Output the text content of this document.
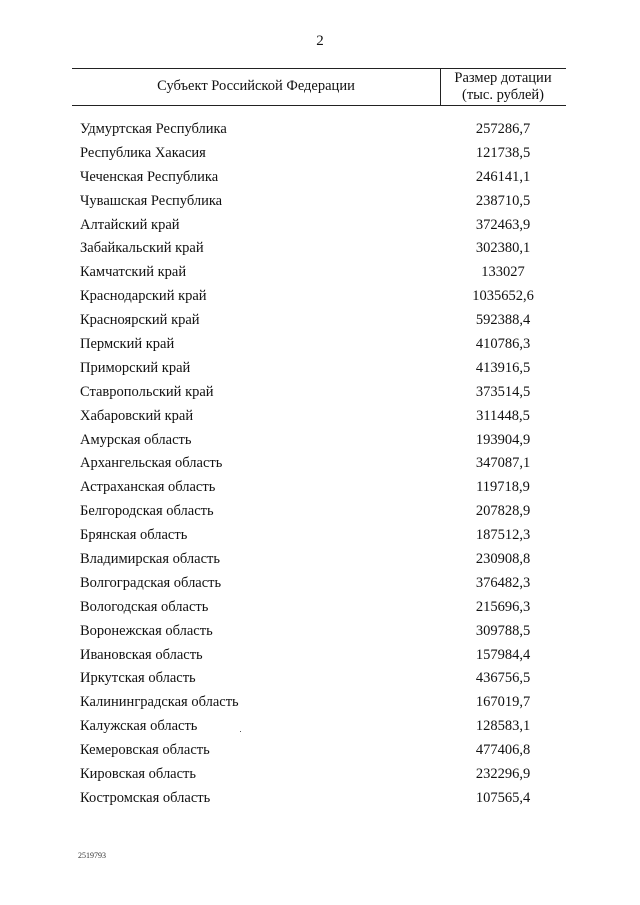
2
Субъект Российской Федерации	Размер дотации
(тыс. рублей)
Удмуртская Республика	257286,7
Республика Хакасия	121738,5
Чеченская Республика	246141,1
Чувашская Республика	238710,5
Алтайский край	372463,9
Забайкальский край	302380,1
Камчатский край	133027
Краснодарский край	1035652,6
Красноярский край	592388,4
Пермский край	410786,3
Приморский край	413916,5
Ставропольский край	373514,5
Хабаровский край	311448,5
Амурская область	193904,9
Архангельская область	347087,1
Астраханская область	119718,9
Белгородская область	207828,9
Брянская область	187512,3
Владимирская область	230908,8
Волгоградская область	376482,3
Вологодская область	215696,3
Воронежская область	309788,5
Ивановская область	157984,4
Иркутская область	436756,5
Калининградская область	167019,7
Калужская область	128583,1
Кемеровская область	477406,8
Кировская область	232296,9
Костромская область	107565,4
2519793
